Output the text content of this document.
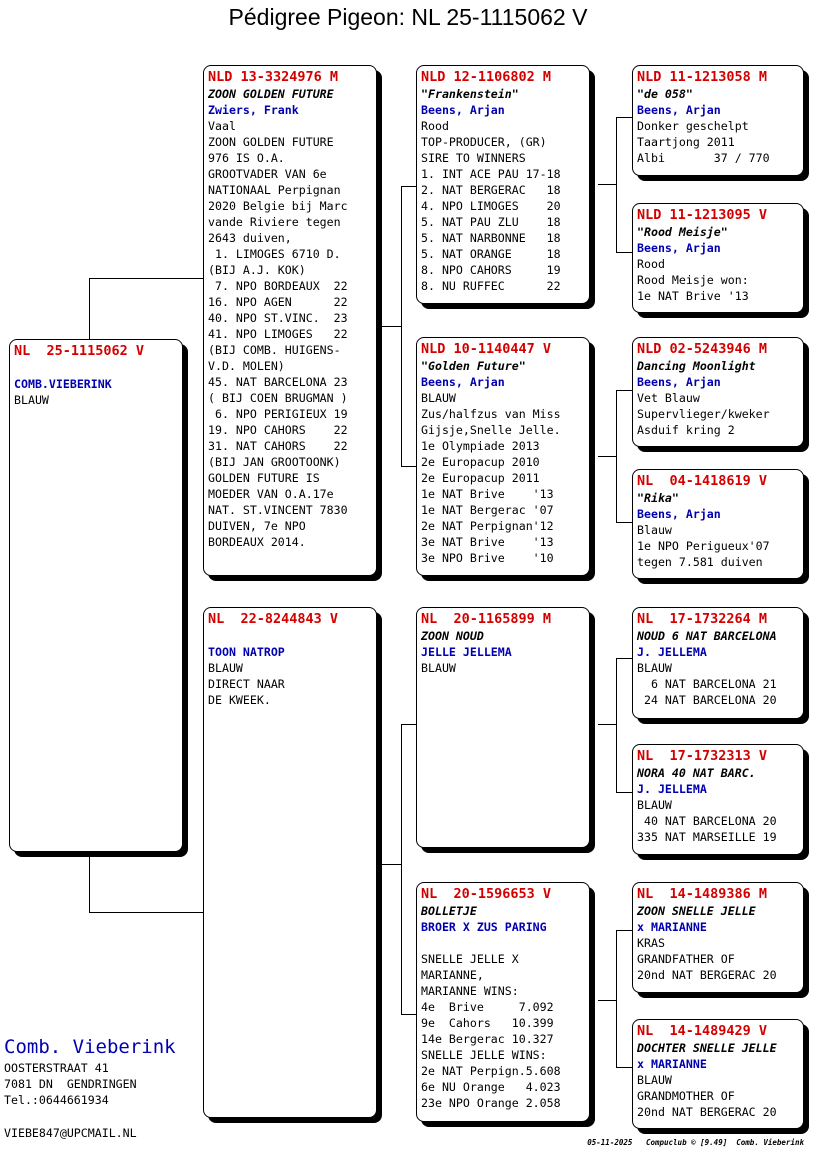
Pédigree Pigeon: NL 25-1115062 V
NL  25-1115062 V
COMB.VIEBERINK
BLAUW
NLD 13-3324976 M
ZOON GOLDEN FUTURE
Zwiers, Frank
Vaal
ZOON GOLDEN FUTURE
976 IS O.A.
GROOTVADER VAN 6e
NATIONAAL Perpignan
2020 Belgie bij Marc
vande Riviere tegen
2643 duiven,
1. LIMOGES 6710 D.
(BIJ A.J. KOK)
7. NPO BORDEAUX  22
16. NPO AGEN      22
40. NPO ST.VINC.  23
41. NPO LIMOGES   22
(BIJ COMB. HUIGENS-
V.D. MOLEN)
45. NAT BARCELONA 23
( BIJ COEN BRUGMAN )
6. NPO PERIGIEUX 19
19. NPO CAHORS    22
31. NAT CAHORS    22
(BIJ JAN GROOTOONK)
GOLDEN FUTURE IS
MOEDER VAN O.A.17e
NAT. ST.VINCENT 7830
DUIVEN, 7e NPO
BORDEAUX 2014.
NL  22-8244843 V
TOON NATROP
BLAUW
DIRECT NAAR
DE KWEEK.
NLD 12-1106802 M
"Frankenstein"
Beens, Arjan
Rood
TOP-PRODUCER, (GR)
SIRE TO WINNERS
1. INT ACE PAU 17-18
2. NAT BERGERAC   18
4. NPO LIMOGES    20
5. NAT PAU ZLU    18
5. NAT NARBONNE   18
5. NAT ORANGE     18
8. NPO CAHORS     19
8. NU RUFFEC      22
NLD 10-1140447 V
"Golden Future"
Beens, Arjan
BLAUW
Zus/halfzus van Miss
Gijsje,Snelle Jelle.
1e Olympiade 2013
2e Europacup 2010
2e Europacup 2011
1e NAT Brive    '13
1e NAT Bergerac '07
2e NAT Perpignan'12
3e NAT Brive    '13
3e NPO Brive    '10
NL  20-1165899 M
ZOON NOUD
JELLE JELLEMA
BLAUW
NL  20-1596653 V
BOLLETJE
BROER X ZUS PARING
SNELLE JELLE X
MARIANNE,
MARIANNE WINS:
4e  Brive     7.092
9e  Cahors   10.399
14e Bergerac 10.327
SNELLE JELLE WINS:
2e NAT Perpign.5.608
6e NU Orange   4.023
23e NPO Orange 2.058
NLD 11-1213058 M
"de 058"
Beens, Arjan
Donker geschelpt
Taartjong 2011
Albi       37 / 770
NLD 11-1213095 V
"Rood Meisje"
Beens, Arjan
Rood
Rood Meisje won:
1e NAT Brive '13
NLD 02-5243946 M
Dancing Moonlight
Beens, Arjan
Vet Blauw
Supervlieger/kweker
Asduif kring 2
NL  04-1418619 V
"Rika"
Beens, Arjan
Blauw
1e NPO Perigueux'07
tegen 7.581 duiven
NL  17-1732264 M
NOUD 6 NAT BARCELONA
J. JELLEMA
BLAUW
6 NAT BARCELONA 21
24 NAT BARCELONA 20
NL  17-1732313 V
NORA 40 NAT BARC.
J. JELLEMA
BLAUW
40 NAT BARCELONA 20
335 NAT MARSEILLE 19
NL  14-1489386 M
ZOON SNELLE JELLE
x MARIANNE
KRAS
GRANDFATHER OF
20nd NAT BERGERAC 20
NL  14-1489429 V
DOCHTER SNELLE JELLE
x MARIANNE
BLAUW
GRANDMOTHER OF
20nd NAT BERGERAC 20
Comb. Vieberink
OOSTERSTRAAT 41
7081 DN  GENDRINGEN
Tel.:0644661934
VIEBE847@UPCMAIL.NL
05-11-2025   Compuclub © [9.49]  Comb. Vieberink
